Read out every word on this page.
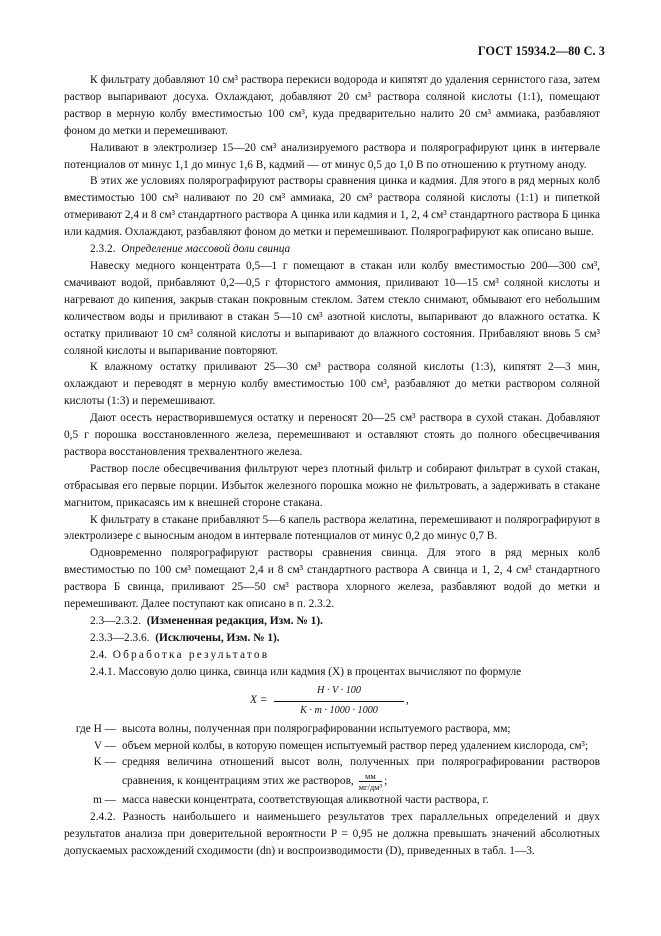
ГОСТ 15934.2—80 С. 3

К фильтрату добавляют 10 см³ раствора перекиси водорода и кипятят до удаления сернистого газа, затем раствор выпаривают досуха. Охлаждают, добавляют 20 см³ раствора соляной кислоты (1:1), помещают раствор в мерную колбу вместимостью 100 см³, куда предварительно налито 20 см³ аммиака, разбавляют фоном до метки и перемешивают.

Наливают в электролизер 15—20 см³ анализируемого раствора и полярографируют цинк в интервале потенциалов от минус 1,1 до минус 1,6 В, кадмий — от минус 0,5 до 1,0 В по отношению к ртутному аноду.

В этих же условиях полярографируют растворы сравнения цинка и кадмия. Для этого в ряд мерных колб вместимостью 100 см³ наливают по 20 см³ аммиака, 20 см³ раствора соляной кислоты (1:1) и пипеткой отмеривают 2,4 и 8 см³ стандартного раствора А цинка или кадмия и 1, 2, 4 см³ стандартного раствора Б цинка или кадмия. Охлаждают, разбавляют фоном до метки и перемешивают. Полярографируют как описано выше.

2.3.2. Определение массовой доли свинца

Навеску медного концентрата 0,5—1 г помещают в стакан или колбу вместимостью 200—300 см³, смачивают водой, прибавляют 0,2—0,5 г фтористого аммония, приливают 10—15 см³ соляной кислоты и нагревают до кипения, закрыв стакан покровным стеклом. Затем стекло снимают, обмывают его небольшим количеством воды и приливают в стакан 5—10 см³ азотной кислоты, выпаривают до влажного остатка. К остатку приливают 10 см³ соляной кислоты и выпаривают до влажного состояния. Прибавляют вновь 5 см³ соляной кислоты и выпаривание повторяют.

К влажному остатку приливают 25—30 см³ раствора соляной кислоты (1:3), кипятят 2—3 мин, охлаждают и переводят в мерную колбу вместимостью 100 см³, разбавляют до метки раствором соляной кислоты (1:3) и перемешивают.

Дают осесть нерастворившемуся остатку и переносят 20—25 см³ раствора в сухой стакан. Добавляют 0,5 г порошка восстановленного железа, перемешивают и оставляют стоять до полного обесцвечивания раствора восстановления трехвалентного железа.

Раствор после обесцвечивания фильтруют через плотный фильтр и собирают фильтрат в сухой стакан, отбрасывая его первые порции. Избыток железного порошка можно не фильтровать, а задерживать в стакане магнитом, прикасаясь им к внешней стороне стакана.

К фильтрату в стакане прибавляют 5—6 капель раствора желатина, перемешивают и полярографируют в электролизере с выносным анодом в интервале потенциалов от минус 0,2 до минус 0,7 В.

Одновременно полярографируют растворы сравнения свинца. Для этого в ряд мерных колб вместимостью по 100 см³ помещают 2,4 и 8 см³ стандартного раствора А свинца и 1, 2, 4 см³ стандартного раствора Б свинца, приливают 25—50 см³ раствора хлорного железа, разбавляют водой до метки и перемешивают. Далее поступают как описано в п. 2.3.2.

2.3—2.3.2. (Измененная редакция, Изм. № 1).

2.3.3—2.3.6. (Исключены, Изм. № 1).

2.4. Обработка результатов

2.4.1. Массовую долю цинка, свинца или кадмия (X) в процентах вычисляют по формуле

$X = \frac{H \cdot V \cdot 100}{K \cdot m \cdot 1000 \cdot 1000}$ ,
где H — высота волны, полученная при полярографировании испытуемого раствора, мм;
V — объем мерной колбы, в которую помещен испытуемый раствор перед удалением кислорода, см³;
K — средняя величина отношений высот волн, полученных при полярографировании растворов сравнения, к концентрациям этих же растворов,	мм
мг/дм³ ;
m — масса навески концентрата, соответствующая аликвотной части раствора, г.

2.4.2. Разность наибольшего и наименьшего результатов трех параллельных определений и двух результатов анализа при доверительной вероятности P = 0,95 не должна превышать значений абсолютных допускаемых расхождений сходимости (dn) и воспроизводимости (D), приведенных в табл. 1—3.
